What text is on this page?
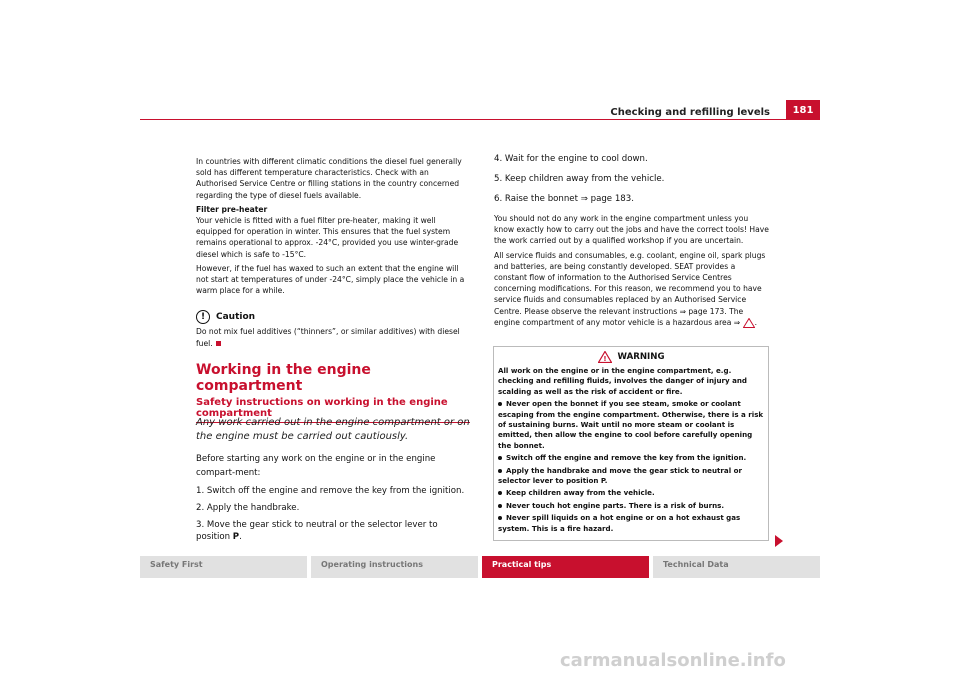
Checking and refilling levels	181

In countries with different climatic conditions the diesel fuel generally sold has different temperature characteristics. Check with an Authorised Service Centre or filling stations in the country concerned regarding the type of diesel fuels available.

Filter pre-heater

Your vehicle is fitted with a fuel filter pre-heater, making it well equipped for operation in winter. This ensures that the fuel system remains operational to approx. -24°C, provided you use winter-grade diesel which is safe to -15°C.

However, if the fuel has waxed to such an extent that the engine will not start at temperatures of under -24°C, simply place the vehicle in a warm place for a while.

!	Caution

Do not mix fuel additives (“thinners”, or similar additives) with diesel fuel.

Working in the engine compartment
Safety instructions on working in the engine compartment
Any work carried out in the engine compartment or on the engine must be carried out cautiously.

Before starting any work on the engine or in the engine compart-ment:

1. Switch off the engine and remove the key from the ignition.

2. Apply the handbrake.

3. Move the gear stick to neutral or the selector lever to position P.

4. Wait for the engine to cool down.

5. Keep children away from the vehicle.

6. Raise the bonnet ⇒ page 183.

You should not do any work in the engine compartment unless you know exactly how to carry out the jobs and have the correct tools! Have the work carried out by a qualified workshop if you are uncertain.

All service fluids and consumables, e.g. coolant, engine oil, spark plugs and batteries, are being constantly developed. SEAT provides a constant flow of information to the Authorised Service Centres concerning modifications. For this reason, we recommend you to have service fluids and consumables replaced by an Authorised Service Centre. Please observe the relevant instructions ⇒ page 173. The engine compartment of any motor vehicle is a hazardous area ⇒ .

! WARNING

All work on the engine or in the engine compartment, e.g. checking and refilling fluids, involves the danger of injury and scalding as well as the risk of accident or fire.

Never open the bonnet if you see steam, smoke or coolant escaping from the engine compartment. Otherwise, there is a risk of sustaining burns. Wait until no more steam or coolant is emitted, then allow the engine to cool before carefully opening the bonnet.

Switch off the engine and remove the key from the ignition.

Apply the handbrake and move the gear stick to neutral or selector lever to position P.

Keep children away from the vehicle.

Never touch hot engine parts. There is a risk of burns.

Never spill liquids on a hot engine or on a hot exhaust gas system. This is a fire hazard.

Safety First	Operating instructions	Practical tips	Technical Data
carmanualsonline.info
